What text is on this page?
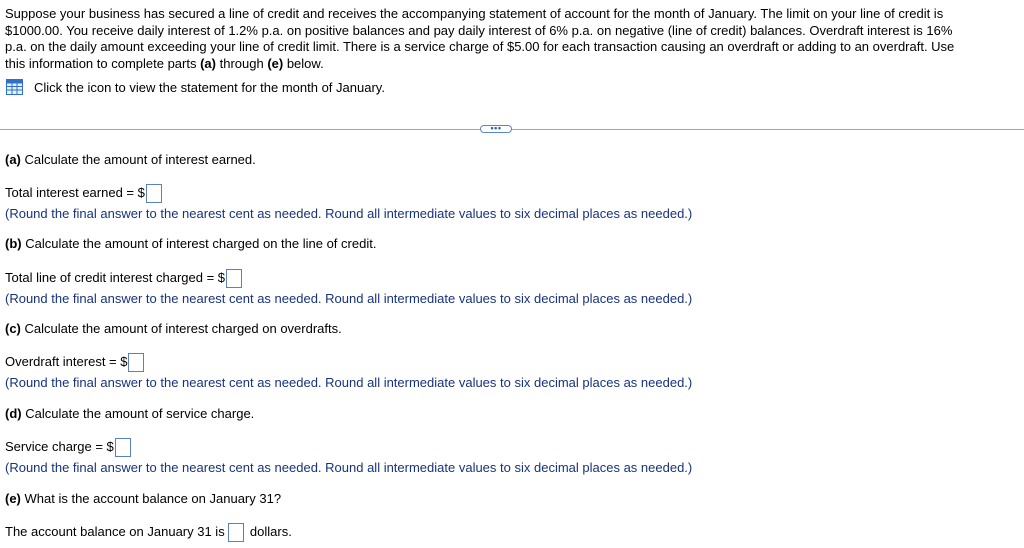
Suppose your business has secured a line of credit and receives the accompanying statement of account for the month of January. The limit on your line of credit is
$1000.00. You receive daily interest of 1.2% p.a. on positive balances and pay daily interest of 6% p.a. on negative (line of credit) balances. Overdraft interest is 16%
p.a. on the daily amount exceeding your line of credit limit. There is a service charge of $5.00 for each transaction causing an overdraft or adding to an overdraft. Use
this information to complete parts (a) through (e) below.
Click the icon to view the statement for the month of January.
•••
(a) Calculate the amount of interest earned.
Total interest earned = $
(Round the final answer to the nearest cent as needed. Round all intermediate values to six decimal places as needed.)
(b) Calculate the amount of interest charged on the line of credit.
Total line of credit interest charged = $
(Round the final answer to the nearest cent as needed. Round all intermediate values to six decimal places as needed.)
(c) Calculate the amount of interest charged on overdrafts.
Overdraft interest = $
(Round the final answer to the nearest cent as needed. Round all intermediate values to six decimal places as needed.)
(d) Calculate the amount of service charge.
Service charge = $
(Round the final answer to the nearest cent as needed. Round all intermediate values to six decimal places as needed.)
(e) What is the account balance on January 31?
The account balance on January 31 is  dollars.
